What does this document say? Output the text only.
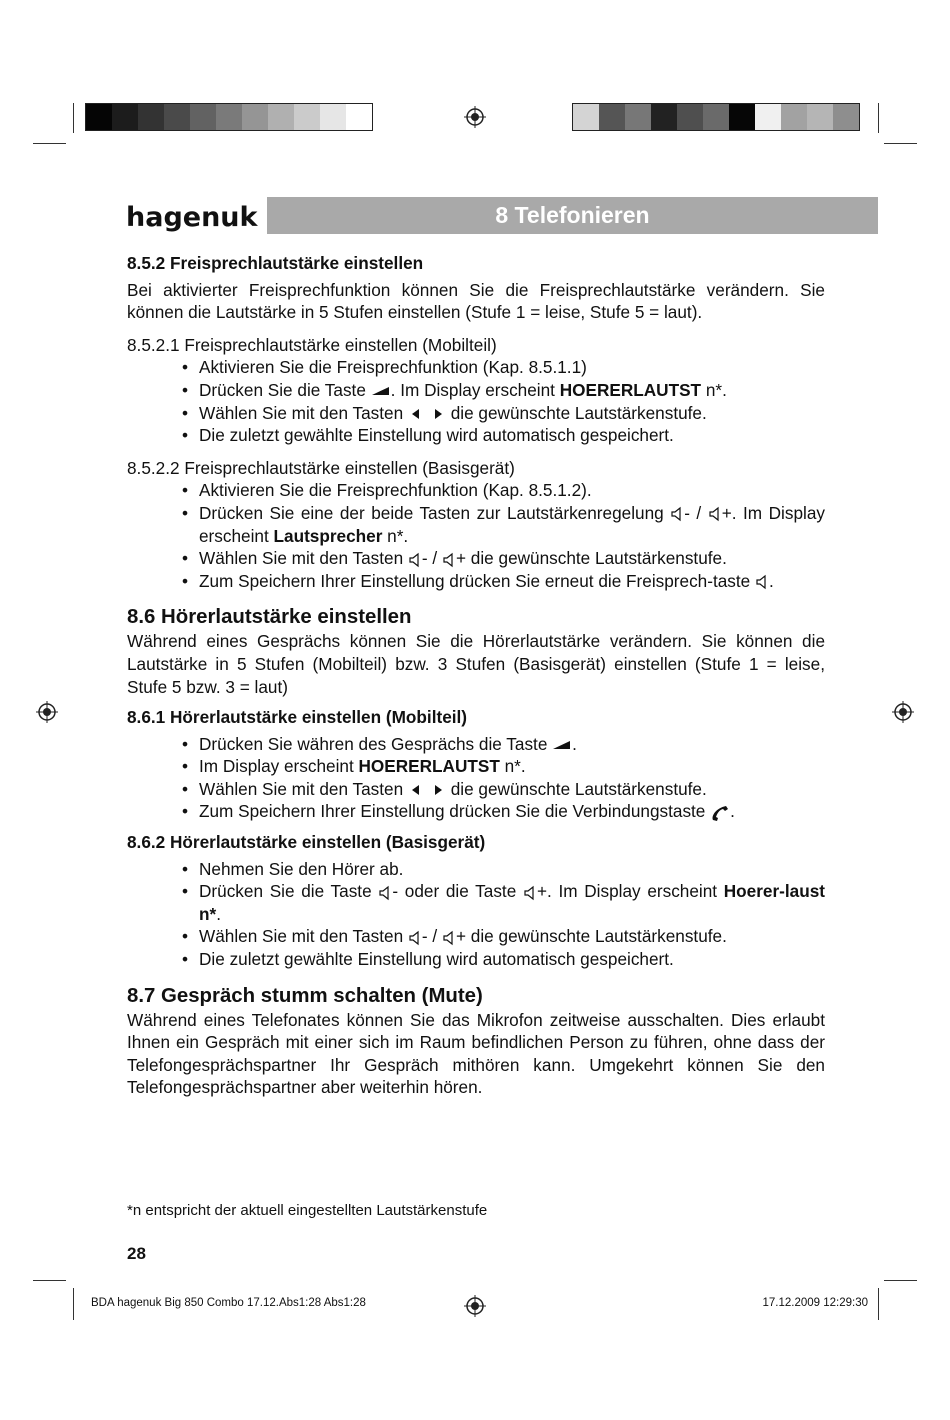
hagenuk	8 Telefonieren
8.5.2 Freisprechlautstärke einstellen

Bei aktivierter Freisprechfunktion können Sie die Freisprechlautstärke verändern. Sie können die Lautstärke in 5 Stufen einstellen (Stufe 1 = leise, Stufe 5 = laut).

8.5.2.1 Freisprechlautstärke einstellen (Mobilteil)
• Aktivieren Sie die Freisprechfunktion (Kap. 8.5.1.1)
• Drücken Sie die Taste . Im Display erscheint HOERERLAUTST n*.
• Wählen Sie mit den Tasten  die gewünschte Lautstärkenstufe.
• Die zuletzt gewählte Einstellung wird automatisch gespeichert.
8.5.2.2 Freisprechlautstärke einstellen (Basisgerät)
• Aktivieren Sie die Freisprechfunktion (Kap. 8.5.1.2).
• Drücken Sie eine der beide Tasten zur Lautstärkenregelung - / +. Im Display erscheint Lautsprecher n*.
• Wählen Sie mit den Tasten - / + die gewünschte Lautstärkenstufe.
• Zum Speichern Ihrer Einstellung drücken Sie erneut die Freisprech-taste .
8.6 Hörerlautstärke einstellen

Während eines Gesprächs können Sie die Hörerlautstärke verändern. Sie können die Lautstärke in 5 Stufen (Mobilteil) bzw. 3 Stufen (Basisgerät) einstellen (Stufe 1 = leise, Stufe 5 bzw. 3 = laut)

8.6.1 Hörerlautstärke einstellen (Mobilteil)
• Drücken Sie währen des Gesprächs die Taste .
• Im Display erscheint HOERERLAUTST n*.
• Wählen Sie mit den Tasten  die gewünschte Lautstärkenstufe.
• Zum Speichern Ihrer Einstellung drücken Sie die Verbindungstaste .
8.6.2 Hörerlautstärke einstellen (Basisgerät)
• Nehmen Sie den Hörer ab.
• Drücken Sie die Taste - oder die Taste +. Im Display erscheint Hoerer-laust n*.
• Wählen Sie mit den Tasten - / + die gewünschte Lautstärkenstufe.
• Die zuletzt gewählte Einstellung wird automatisch gespeichert.
8.7 Gespräch stumm schalten (Mute)

Während eines Telefonates können Sie das Mikrofon zeitweise ausschalten. Dies erlaubt Ihnen ein Gespräch mit einer sich im Raum befindlichen Person zu führen, ohne dass der Telefongesprächspartner Ihr Gespräch mithören kann. Umgekehrt können Sie den Telefongesprächspartner aber weiterhin hören.

*n entspricht der aktuell eingestellten Lautstärkenstufe
28
BDA hagenuk Big 850 Combo 17.12.Abs1:28 Abs1:28	17.12.2009 12:29:30
